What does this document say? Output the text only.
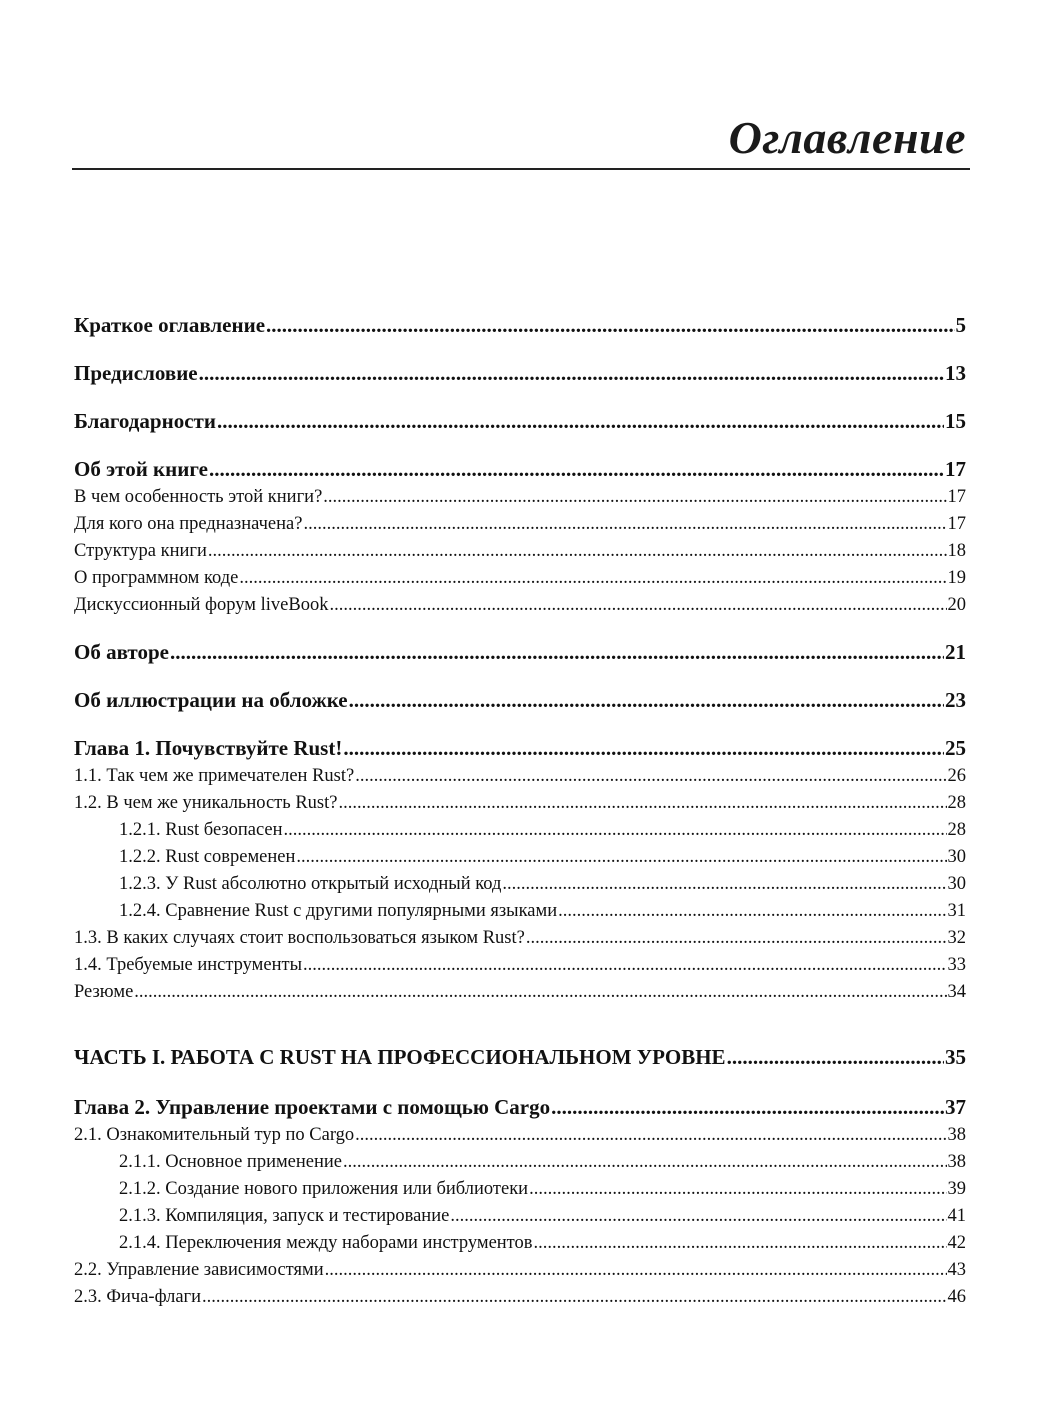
Оглавление
Краткое оглавление .....	5
Предисловие .....	13
Благодарности .....	15
Об этой книге .....	17
В чем особенность этой книги? .....	17
Для кого она предназначена? .....	17
Структура книги .....	18
О программном коде .....	19
Дискуссионный форум liveBook .....	20
Об авторе .....	21
Об иллюстрации на обложке .....	23
Глава 1. Почувствуйте Rust! .....	25
1.1. Так чем же примечателен Rust? .....	26
1.2. В чем же уникальность Rust? .....	28
1.2.1. Rust безопасен .....	28
1.2.2. Rust современен .....	30
1.2.3. У Rust абсолютно открытый исходный код .....	30
1.2.4. Сравнение Rust с другими популярными языками .....	31
1.3. В каких случаях стоит воспользоваться языком Rust? .....	32
1.4. Требуемые инструменты .....	33
Резюме .....	34
ЧАСТЬ I. РАБОТА С RUST НА ПРОФЕССИОНАЛЬНОМ УРОВНЕ .....	35
Глава 2. Управление проектами с помощью Cargo .....	37
2.1. Ознакомительный тур по Cargo .....	38
2.1.1. Основное применение .....	38
2.1.2. Создание нового приложения или библиотеки .....	39
2.1.3. Компиляция, запуск и тестирование .....	41
2.1.4. Переключения между наборами инструментов .....	42
2.2. Управление зависимостями .....	43
2.3. Фича-флаги .....	46
